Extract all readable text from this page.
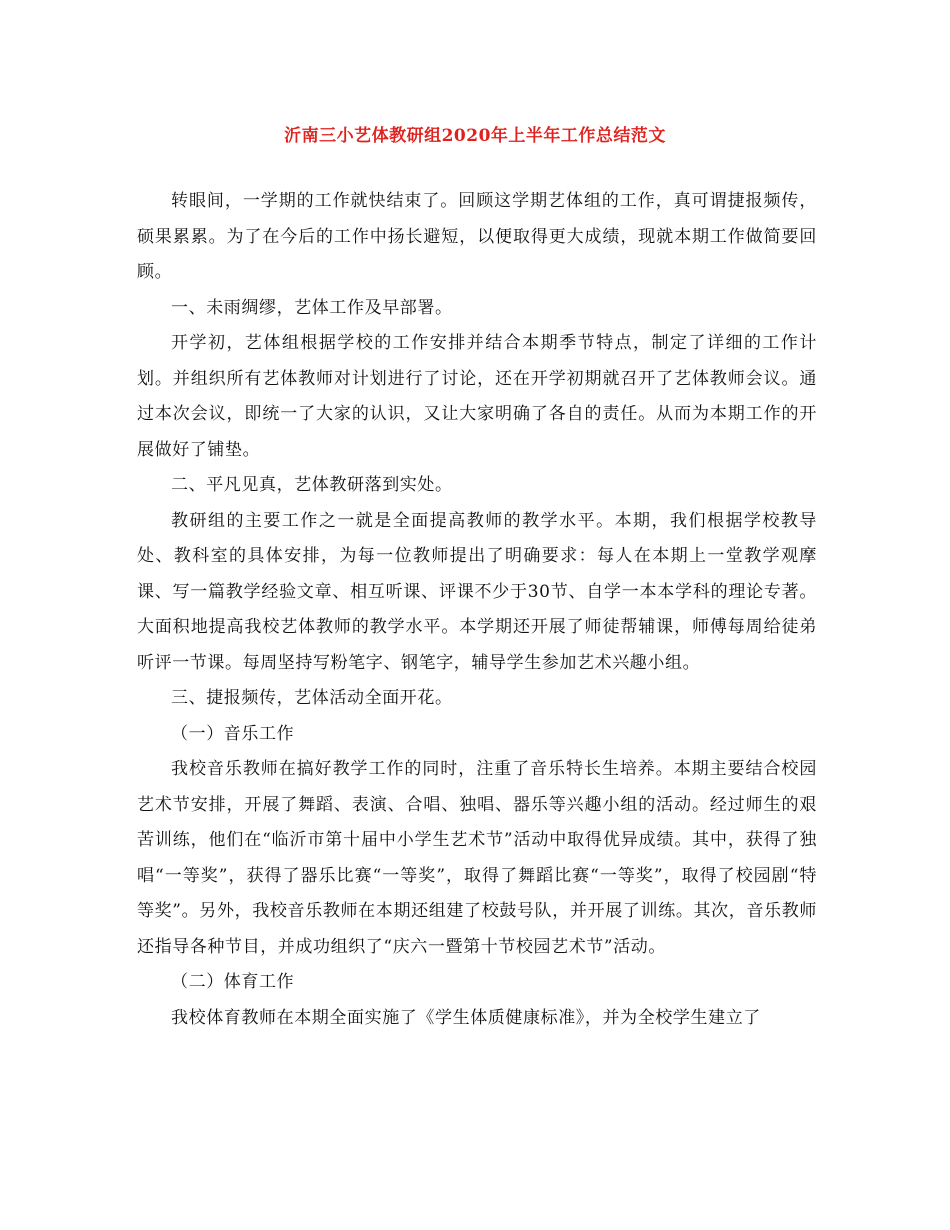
沂南三小艺体教研组2020年上半年工作总结范文

转眼间，一学期的工作就快结束了。回顾这学期艺体组的工作，真可谓捷报频传，硕果累累。为了在今后的工作中扬长避短，以便取得更大成绩，现就本期工作做简要回顾。

一、未雨绸缪，艺体工作及早部署。

开学初，艺体组根据学校的工作安排并结合本期季节特点，制定了详细的工作计划。并组织所有艺体教师对计划进行了讨论，还在开学初期就召开了艺体教师会议。通过本次会议，即统一了大家的认识，又让大家明确了各自的责任。从而为本期工作的开展做好了铺垫。

二、平凡见真，艺体教研落到实处。

教研组的主要工作之一就是全面提高教师的教学水平。本期，我们根据学校教导处、教科室的具体安排，为每一位教师提出了明确要求：每人在本期上一堂教学观摩课、写一篇教学经验文章、相互听课、评课不少于30节、自学一本本学科的理论专著。大面积地提高我校艺体教师的教学水平。本学期还开展了师徒帮辅课，师傅每周给徒弟听评一节课。每周坚持写粉笔字、钢笔字，辅导学生参加艺术兴趣小组。

三、捷报频传，艺体活动全面开花。

（一）音乐工作

我校音乐教师在搞好教学工作的同时，注重了音乐特长生培养。本期主要结合校园艺术节安排，开展了舞蹈、表演、合唱、独唱、器乐等兴趣小组的活动。经过师生的艰苦训练，他们在“临沂市第十届中小学生艺术节”活动中取得优异成绩。其中，获得了独唱“一等奖”，获得了器乐比赛“一等奖”，取得了舞蹈比赛“一等奖”，取得了校园剧“特等奖”。另外，我校音乐教师在本期还组建了校鼓号队，并开展了训练。其次，音乐教师还指导各种节目，并成功组织了“庆六一暨第十节校园艺术节”活动。

（二）体育工作

我校体育教师在本期全面实施了《学生体质健康标准》，并为全校学生建立了
